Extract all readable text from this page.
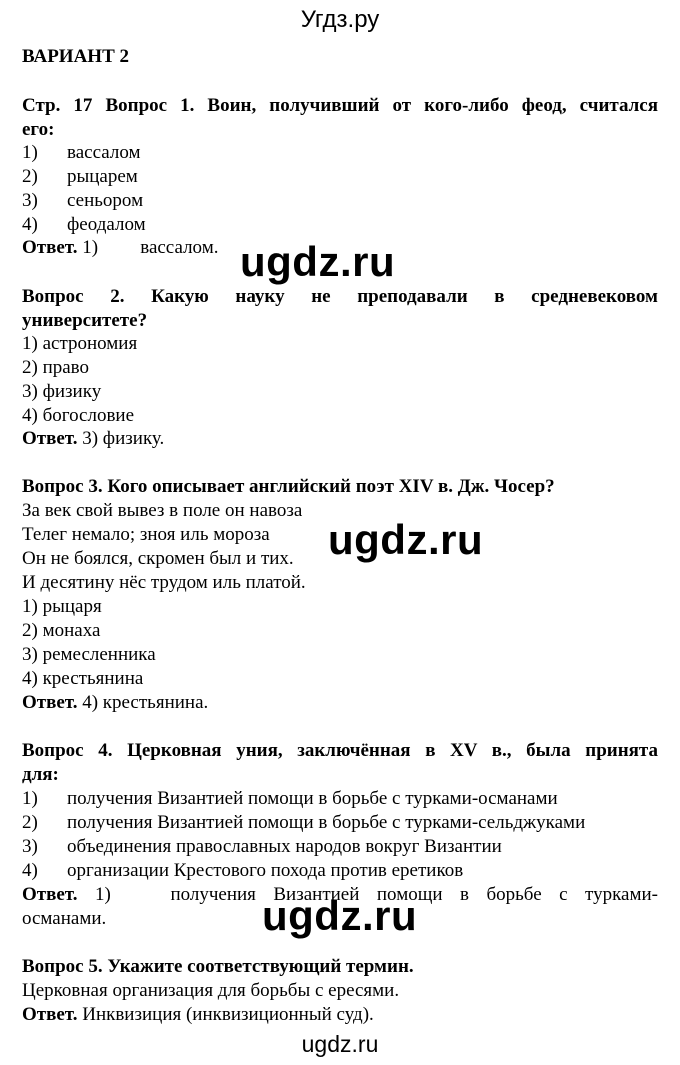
Угдз.ру
ВАРИАНТ 2
Стр. 17 Вопрос 1. Воин, получивший от кого-либо феод, считался
его:
1) вассалом
2) рыцарем
3) сеньором
4) феодалом
Ответ. 1) вассалом. ugdz.ru
Вопрос 2. Какую науку не преподавали в средневековом
университете?
1) астрономия
2) право
3) физику
4) богословие
Ответ. 3) физику.
Вопрос 3. Кого описывает английский поэт XIV в. Дж. Чосер?
За век свой вывез в поле он навоза
Телег немало; зноя иль мороза
Он не боялся, скромен был и тих.
И десятину нёс трудом иль платой.
1) рыцаря
2) монаха
3) ремесленника
4) крестьянина
Ответ. 4) крестьянина.
ugdz.ru
Вопрос 4. Церковная уния, заключённая в XV в., была принята
для:
1) получения Византией помощи в борьбе с турками-османами
2) получения Византией помощи в борьбе с турками-сельджуками
3) объединения православных народов вокруг Византии
4) организации Крестового похода против еретиков
Ответ. 1)	получения Византией помощи в борьбе с турками-
османами.	ugdz.ru
Вопрос 5. Укажите соответствующий термин.
Церковная организация для борьбы с ересями.
Ответ. Инквизиция (инквизиционный суд).
ugdz.ru
